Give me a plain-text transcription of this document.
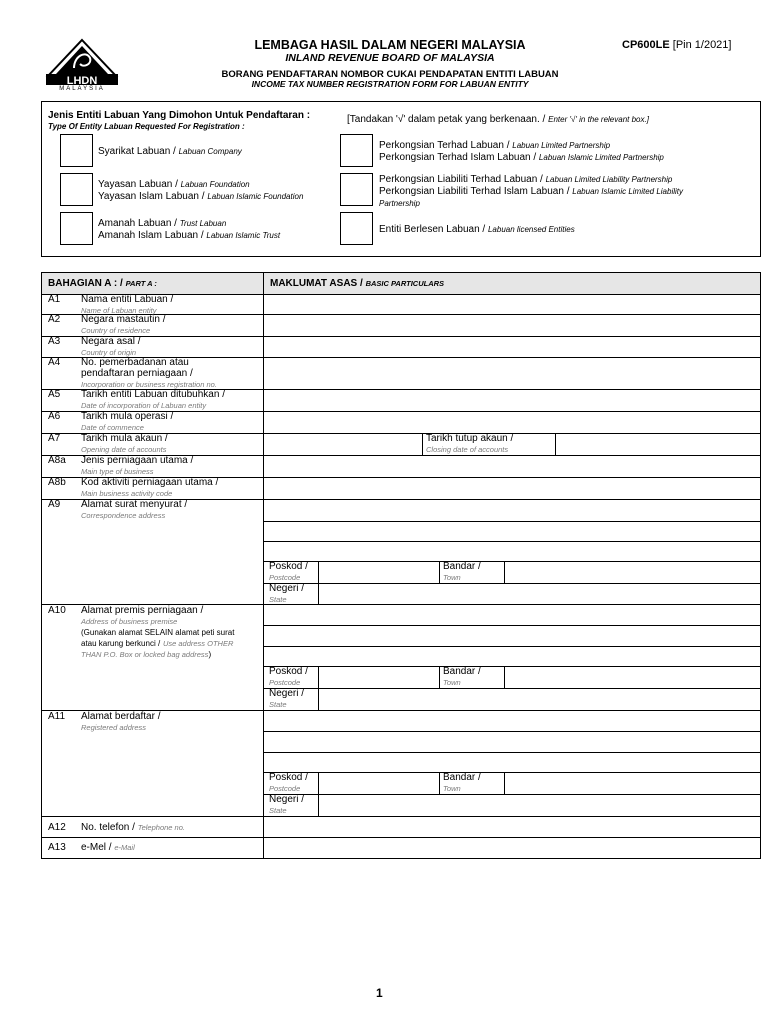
LHDN
MALAYSIA
LEMBAGA HASIL DALAM NEGERI MALAYSIA
INLAND REVENUE BOARD OF MALAYSIA
BORANG PENDAFTARAN NOMBOR CUKAI PENDAPATAN ENTITI LABUAN
INCOME TAX NUMBER REGISTRATION FORM FOR LABUAN ENTITY
CP600LE [Pin 1/2021]
Jenis Entiti Labuan Yang Dimohon Untuk Pendaftaran :
Type Of Entity Labuan Requested For Registration :
[Tandakan '√' dalam petak yang berkenaan. / Enter '√' in the relevant box.]
Syarikat Labuan / Labuan Company
Yayasan Labuan / Labuan Foundation
Yayasan Islam Labuan / Labuan Islamic Foundation
Amanah Labuan / Trust Labuan
Amanah Islam Labuan / Labuan Islamic Trust
Perkongsian Terhad Labuan / Labuan Limited Partnership
Perkongsian Terhad Islam Labuan / Labuan Islamic Limited Partnership
Perkongsian Liabiliti Terhad Labuan / Labuan Limited Liability Partnership
Perkongsian Liabiliti Terhad Islam Labuan / Labuan Islamic Limited Liability
Partnership
Entiti Berlesen Labuan / Labuan licensed Entities
BAHAGIAN A : / PART A :	MAKLUMAT ASAS / BASIC PARTICULARS
A1 Nama entiti Labuan /
Name of Labuan entity
A2 Negara mastautin /
Country of residence
A3 Negara asal /
Country of origin
A4 No. pemerbadanan atau
pendaftaran perniagaan /
Incorporation or business registration no.
A5 Tarikh entiti Labuan ditubuhkan /
Date of incorporation of Labuan entity
A6 Tarikh mula operasi /
Date of commence
A7 Tarikh mula akaun /
Opening date of accounts
Tarikh tutup akaun /
Closing date of accounts
A8a Jenis perniagaan utama /
Main type of business
A8b Kod aktiviti perniagaan utama /
Main business activity code
A9 Alamat surat menyurat /
Correspondence address
A10 Alamat premis perniagaan /
Address of business premise
(Gunakan alamat SELAIN alamat peti surat
atau karung berkunci / Use address OTHER
THAN P.O. Box or locked bag address)
A11 Alamat berdaftar /
Registered address
A12 No. telefon / Telephone no.
A13 e-Mel / e-Mail
Poskod /
Postcode
Bandar /
Town
Negeri /
State
Poskod /
Postcode
Bandar /
Town
Negeri /
State
Poskod /
Postcode
Bandar /
Town
Negeri /
State
1
